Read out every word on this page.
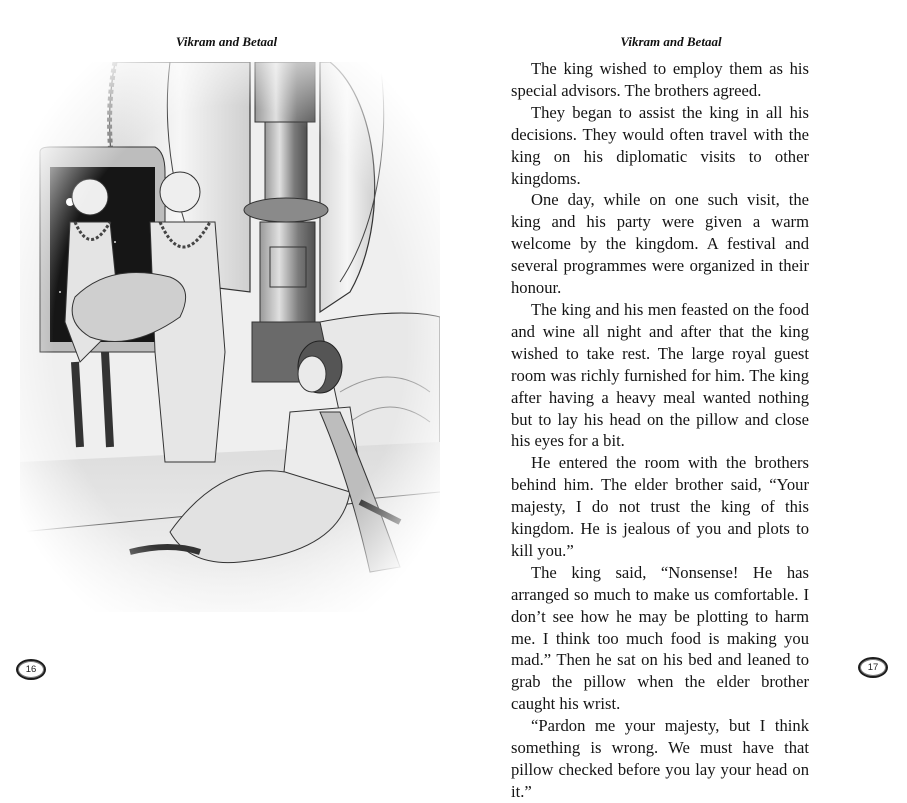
Vikram and Betaal
16
Vikram and Betaal

The king wished to employ them as his special advisors. The brothers agreed.

They began to assist the king in all his decisions. They would often travel with the king on his diplomatic visits to other kingdoms.

One day, while on one such visit, the king and his party were given a warm welcome by the kingdom. A festival and several programmes were organized in their honour.

The king and his men feasted on the food and wine all night and after that the king wished to take rest. The large royal guest room was richly furnished for him. The king after having a heavy meal wanted nothing but to lay his head on the pillow and close his eyes for a bit.

He entered the room with the brothers behind him. The elder brother said, “Your majesty, I do not trust the king of this kingdom. He is jealous of you and plots to kill you.”

The king said, “Nonsense! He has arranged so much to make us comfortable. I don’t see how he may be plotting to harm me. I think too much food is making you mad.” Then he sat on his bed and leaned to grab the pillow when the elder brother caught his wrist.

“Pardon me your majesty, but I think something is wrong. We must have that pillow checked before you lay your head on it.”

17
